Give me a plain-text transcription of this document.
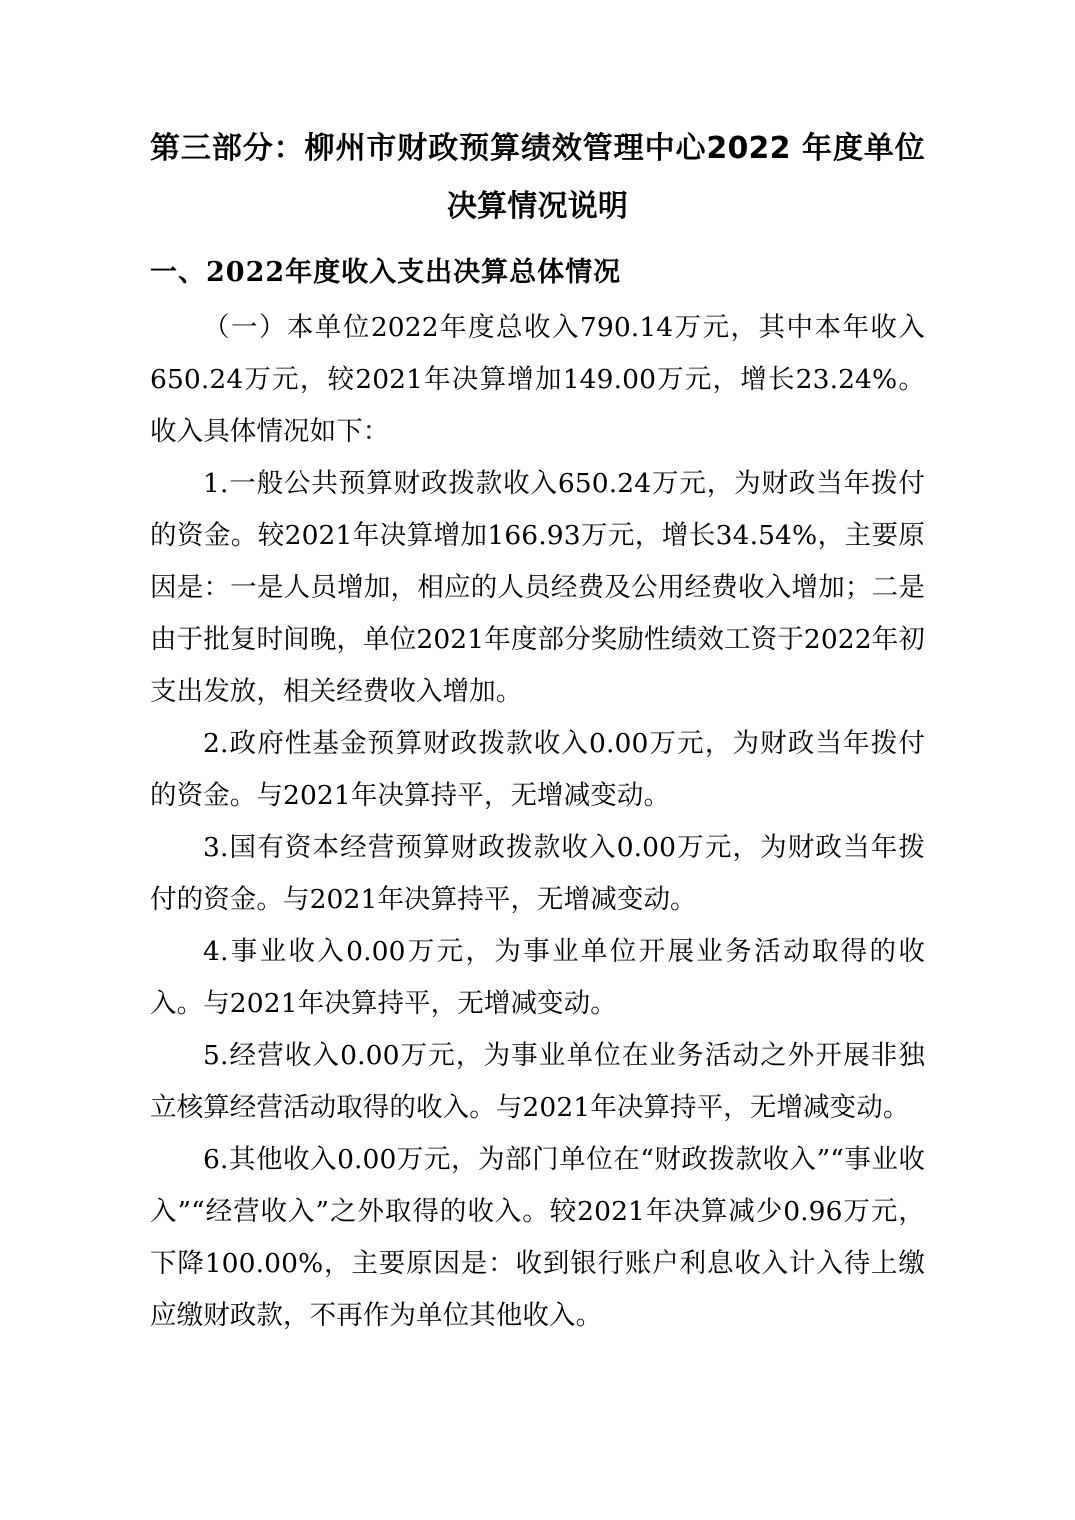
第三部分：柳州市财政预算绩效管理中心2022 年度单位决算情况说明
一、2022年度收入支出决算总体情况

（一）本单位2022年度总收入790.14万元，其中本年收入650.24万元，较2021年决算增加149.00万元，增长23.24%。收入具体情况如下：

1.一般公共预算财政拨款收入650.24万元，为财政当年拨付的资金。较2021年决算增加166.93万元，增长34.54%，主要原因是：一是人员增加，相应的人员经费及公用经费收入增加；二是由于批复时间晚，单位2021年度部分奖励性绩效工资于2022年初支出发放，相关经费收入增加。

2.政府性基金预算财政拨款收入0.00万元，为财政当年拨付的资金。与2021年决算持平，无增减变动。

3.国有资本经营预算财政拨款收入0.00万元，为财政当年拨付的资金。与2021年决算持平，无增减变动。

4.事业收入0.00万元，为事业单位开展业务活动取得的收入。与2021年决算持平，无增减变动。

5.经营收入0.00万元，为事业单位在业务活动之外开展非独立核算经营活动取得的收入。与2021年决算持平，无增减变动。

6.其他收入0.00万元，为部门单位在“财政拨款收入”“事业收入”“经营收入”之外取得的收入。较2021年决算减少0.96万元，下降100.00%，主要原因是：收到银行账户利息收入计入待上缴应缴财政款，不再作为单位其他收入。
